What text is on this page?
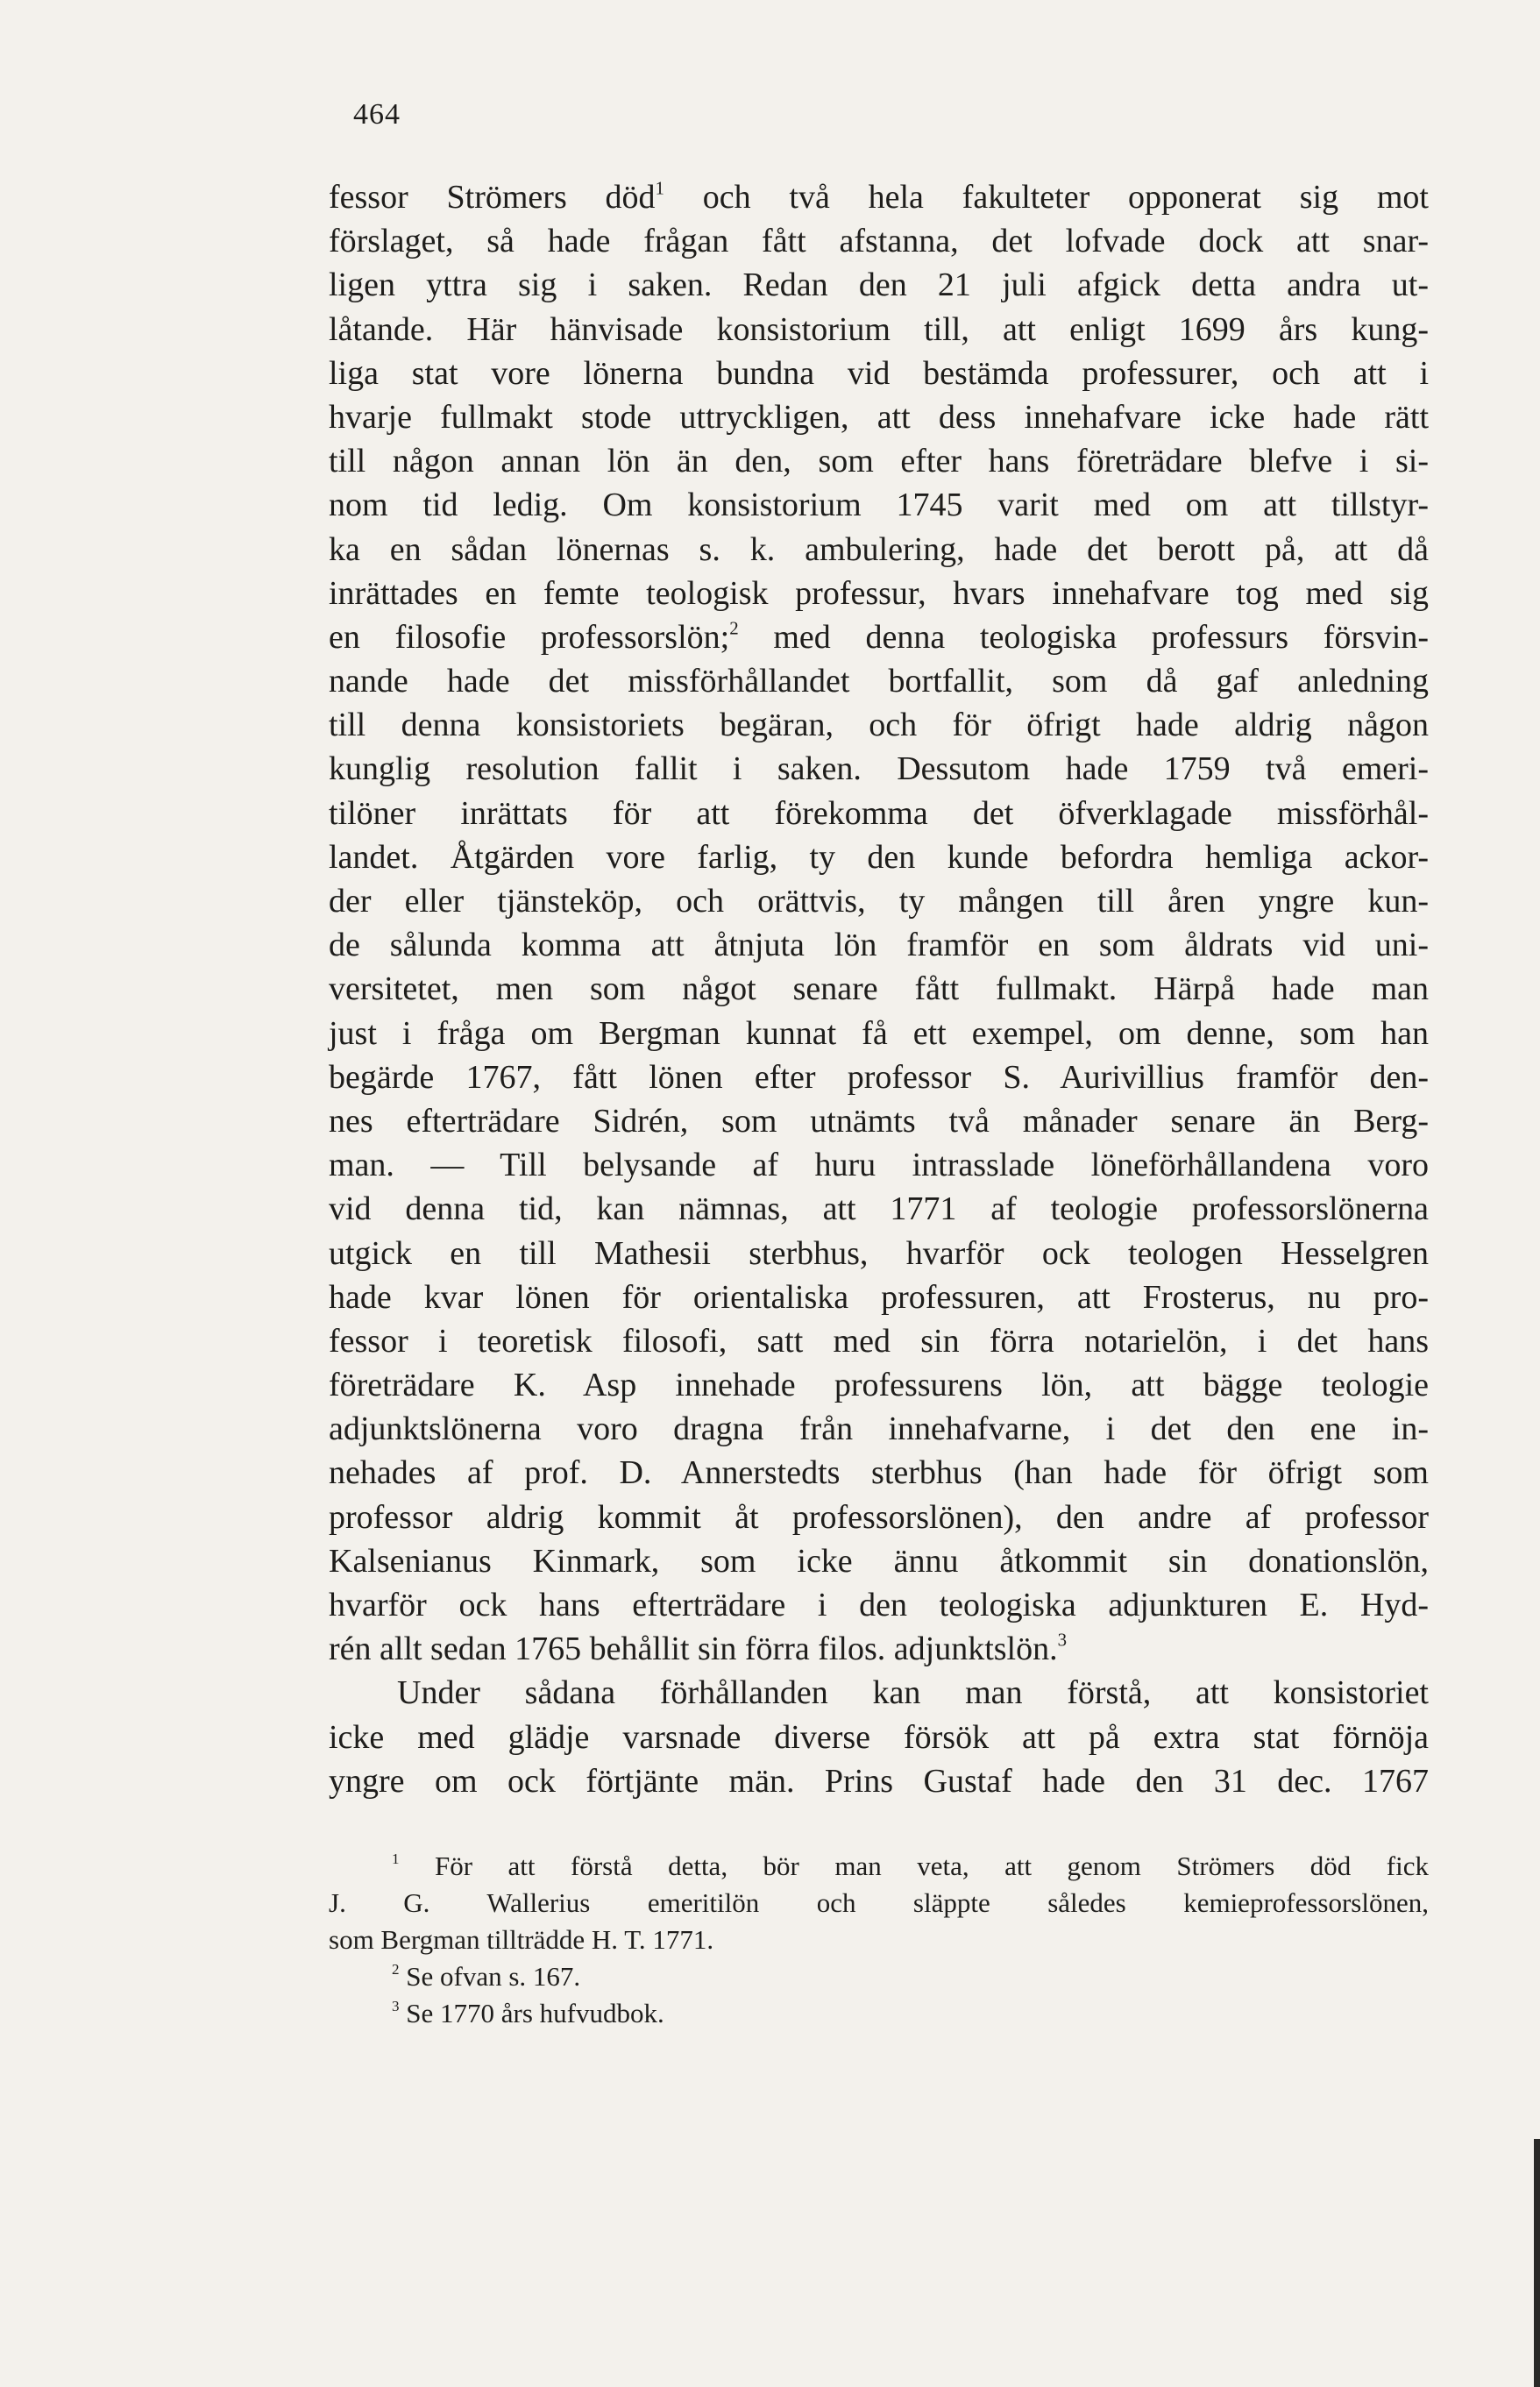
464
fessor Strömers död$^1$ och två hela fakulteter opponerat sig mot
förslaget, så hade frågan fått afstanna, det lofvade dock att snar-
ligen yttra sig i saken. Redan den 21 juli afgick detta andra ut-
låtande. Här hänvisade konsistorium till, att enligt 1699 års kung-
liga stat vore lönerna bundna vid bestämda professurer, och att i
hvarje fullmakt stode uttryckligen, att dess innehafvare icke hade rätt
till någon annan lön än den, som efter hans företrädare blefve i si-
nom tid ledig. Om konsistorium 1745 varit med om att tillstyr-
ka en sådan lönernas s. k. ambulering, hade det berott på, att då
inrättades en femte teologisk professur, hvars innehafvare tog med sig
en filosofie professorslön;$^2$ med denna teologiska professurs försvin-
nande hade det missförhållandet bortfallit, som då gaf anledning
till denna konsistoriets begäran, och för öfrigt hade aldrig någon
kunglig resolution fallit i saken. Dessutom hade 1759 två emeri-
tilöner inrättats för att förekomma det öfverklagade missförhål-
landet. Åtgärden vore farlig, ty den kunde befordra hemliga ackor-
der eller tjänsteköp, och orättvis, ty mången till åren yngre kun-
de sålunda komma att åtnjuta lön framför en som åldrats vid uni-
versitetet, men som något senare fått fullmakt. Härpå hade man
just i fråga om Bergman kunnat få ett exempel, om denne, som han
begärde 1767, fått lönen efter professor S. Aurivillius framför den-
nes efterträdare Sidrén, som utnämts två månader senare än Berg-
man. — Till belysande af huru intrasslade löneförhållandena voro
vid denna tid, kan nämnas, att 1771 af teologie professorslönerna
utgick en till Mathesii sterbhus, hvarför ock teologen Hesselgren
hade kvar lönen för orientaliska professuren, att Frosterus, nu pro-
fessor i teoretisk filosofi, satt med sin förra notarielön, i det hans
företrädare K. Asp innehade professurens lön, att bägge teologie
adjunktslönerna voro dragna från innehafvarne, i det den ene in-
nehades af prof. D. Annerstedts sterbhus (han hade för öfrigt som
professor aldrig kommit åt professorslönen), den andre af professor
Kalsenianus Kinmark, som icke ännu åtkommit sin donationslön,
hvarför ock hans efterträdare i den teologiska adjunkturen E. Hyd-
rén allt sedan 1765 behållit sin förra filos. adjunktslön.$^3$
Under sådana förhållanden kan man förstå, att konsistoriet
icke med glädje varsnade diverse försök att på extra stat förnöja
yngre om ock förtjänte män. Prins Gustaf hade den 31 dec. 1767
$^1$ För att förstå detta, bör man veta, att genom Strömers död fick
J. G. Wallerius emeritilön och släppte således kemieprofessorslönen,
som Bergman tillträdde H. T. 1771.
$^2$ Se ofvan s. 167.
$^3$ Se 1770 års hufvudbok.
